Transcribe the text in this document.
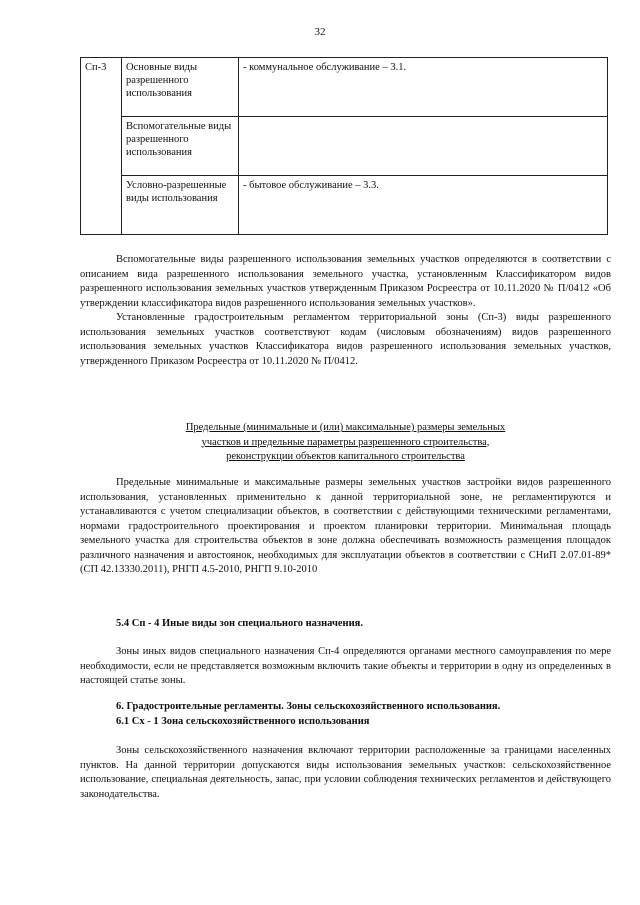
32
Сп-3	Основные виды разрешенного использования	- коммунальное обслуживание – 3.1.
	Вспомогательные виды разрешенного использования	
	Условно-разрешенные виды использования	- бытовое обслуживание – 3.3.

Вспомогательные виды разрешенного использования земельных участков определяются в соответствии с описанием вида разрешенного использования земельного участка, установленным Классификатором видов разрешенного использования земельных участков утвержденным Приказом Росреестра от 10.11.2020 № П/0412 «Об утверждении классификатора видов разрешенного использования земельных участков».

Установленные градостроительным регламентом территориальной зоны (Сп-3) виды разрешенного использования земельных участков соответствуют кодам (числовым обозначениям) видов разрешенного использования земельных участков Классификатора видов разрешенного использования земельных участков, утвержденного Приказом Росреестра от 10.11.2020 № П/0412.

Предельные (минимальные и (или) максимальные) размеры земельных
участков и предельные параметры разрешенного строительства,
реконструкции объектов капитального строительства

Предельные минимальные и максимальные размеры земельных участков застройки видов разрешенного использования, установленных применительно к данной территориальной зоне, не регламентируются и устанавливаются с учетом специализации объектов, в соответствии с действующими техническими регламентами, нормами градостроительного проектирования и проектом планировки территории. Минимальная площадь земельного участка для строительства объектов в зоне должна обеспечивать возможность размещения площадок различного назначения и автостоянок, необходимых для эксплуатации объектов в соответствии с СНиП 2.07.01-89* (СП 42.13330.2011), РНГП 4.5-2010, РНГП 9.10-2010

5.4 Сп - 4 Иные виды зон специального назначения.

Зоны иных видов специального назначения Сп-4 определяются органами местного самоуправления по мере необходимости, если не представляется возможным включить такие объекты и территории в одну из определенных в настоящей статье зоны.

6. Градостроительные регламенты. Зоны сельскохозяйственного использования.
6.1 Сх - 1 Зона сельскохозяйственного использования

Зоны сельскохозяйственного назначения включают территории расположенные за границами населенных пунктов. На данной территории допускаются виды использования земельных участков: сельскохозяйственное использование, специальная деятельность, запас, при условии соблюдения технических регламентов и действующего законодательства.
